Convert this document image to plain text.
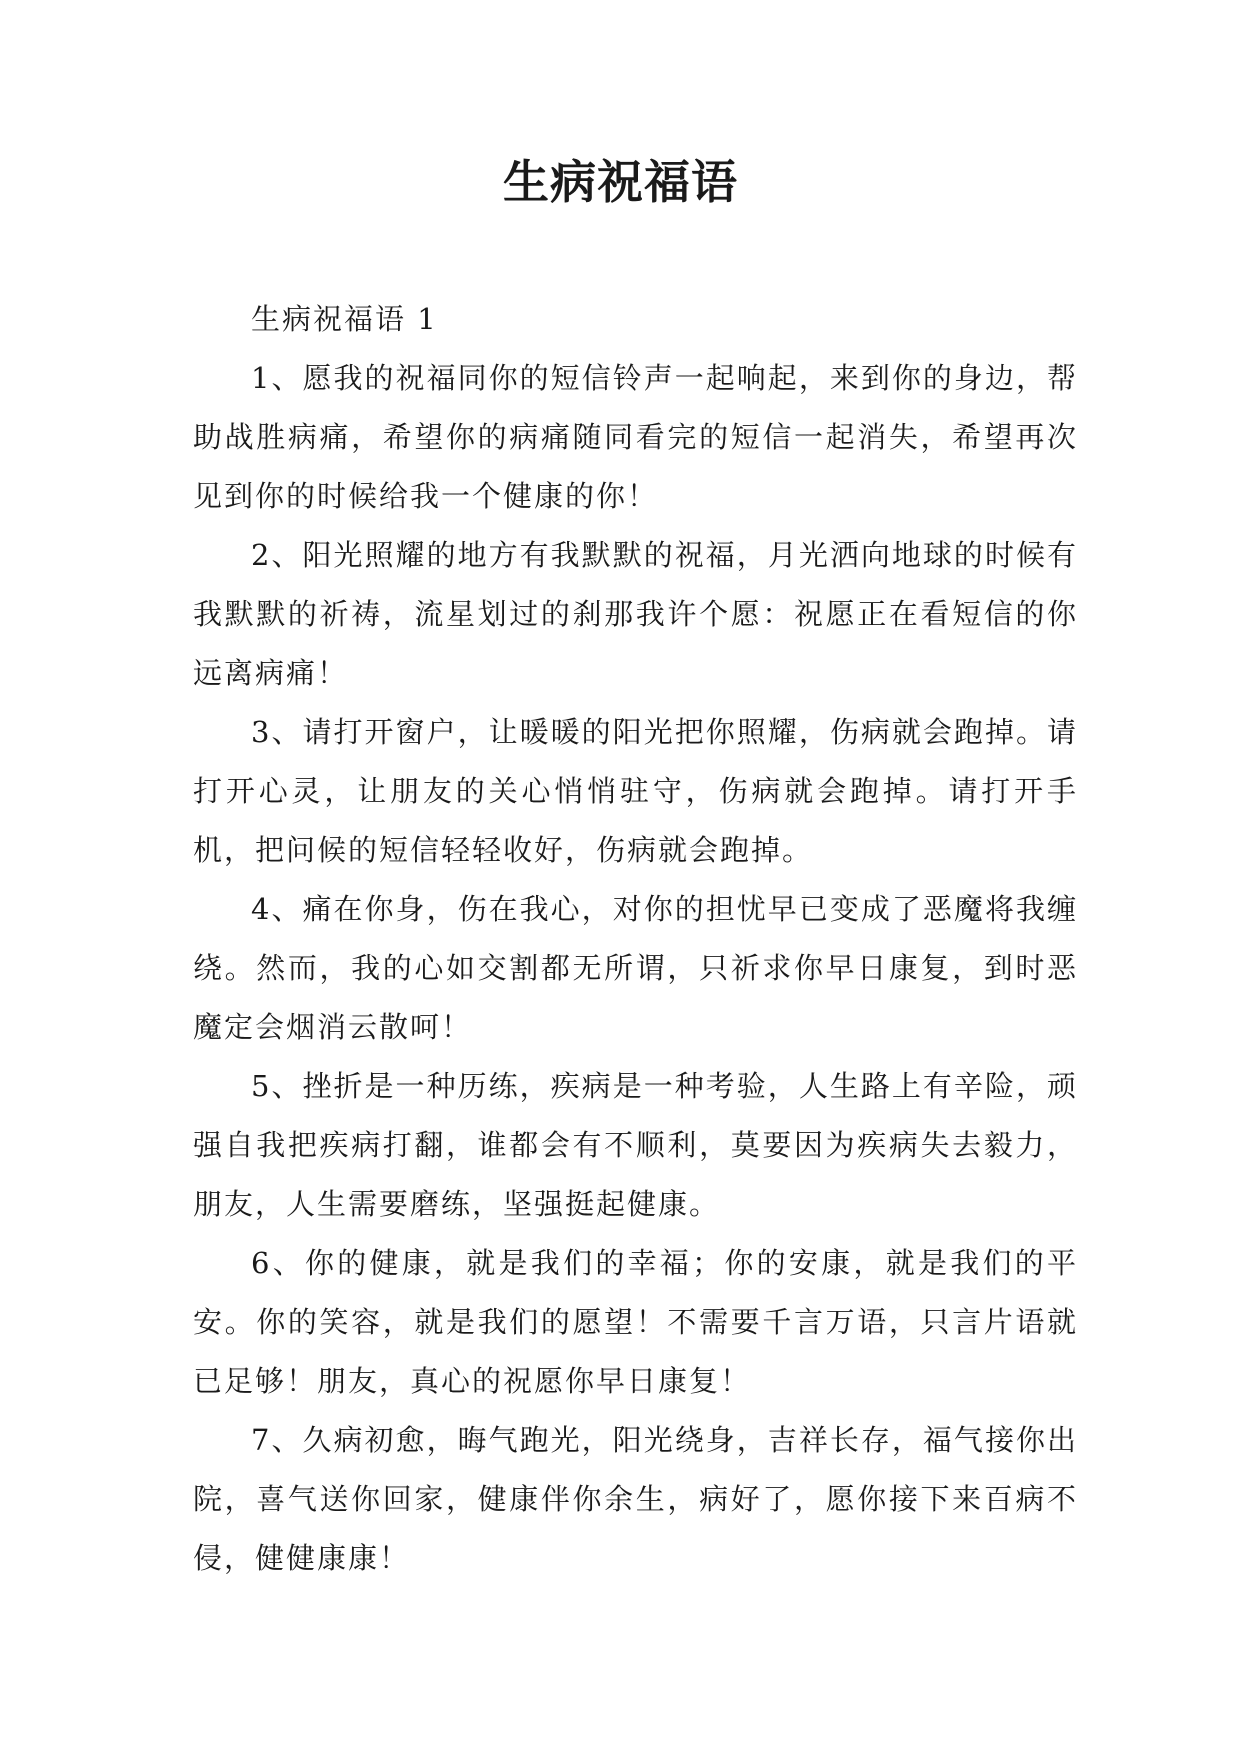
生病祝福语

生病祝福语 1

1、愿我的祝福同你的短信铃声一起响起，来到你的身边，帮助战胜病痛，希望你的病痛随同看完的短信一起消失，希望再次见到你的时候给我一个健康的你！

2、阳光照耀的地方有我默默的祝福，月光洒向地球的时候有我默默的祈祷，流星划过的刹那我许个愿：祝愿正在看短信的你远离病痛！

3、请打开窗户，让暖暖的阳光把你照耀，伤病就会跑掉。请打开心灵，让朋友的关心悄悄驻守，伤病就会跑掉。请打开手机，把问候的短信轻轻收好，伤病就会跑掉。

4、痛在你身，伤在我心，对你的担忧早已变成了恶魔将我缠绕。然而，我的心如交割都无所谓，只祈求你早日康复，到时恶魔定会烟消云散呵！

5、挫折是一种历练，疾病是一种考验，人生路上有辛险，顽强自我把疾病打翻，谁都会有不顺利，莫要因为疾病失去毅力，朋友，人生需要磨练，坚强挺起健康。

6、你的健康，就是我们的幸福；你的安康，就是我们的平安。你的笑容，就是我们的愿望！不需要千言万语，只言片语就已足够！朋友，真心的祝愿你早日康复！

7、久病初愈，晦气跑光，阳光绕身，吉祥长存，福气接你出院，喜气送你回家，健康伴你余生，病好了，愿你接下来百病不侵，健健康康！
